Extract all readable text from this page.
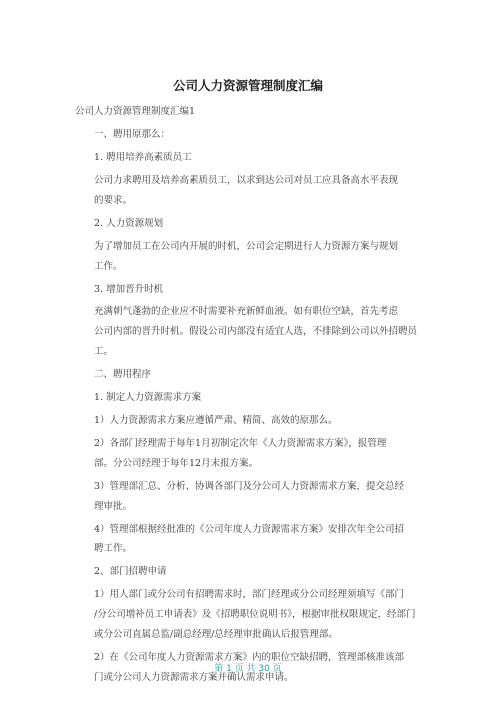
公司人力资源管理制度汇编

公司人力资源管理制度汇编1

一、聘用原那么：

1. 聘用培养高素质员工

公司力求聘用及培养高素质员工，以求到达公司对员工应具备高水平表现
的要求。

2. 人力资源规划

为了增加员工在公司内开展的时机，公司会定期进行人力资源方案与规划
工作。

3. 增加晋升时机

充满朝气蓬勃的企业应不时需要补充新鲜血液。如有职位空缺，首先考虑
公司内部的晋升时机。假设公司内部没有适宜人选，不排除到公司以外招聘员
工。

二、聘用程序

1. 制定人力资源需求方案

1）人力资源需求方案应遵循严肃、精简、高效的原那么。

2）各部门经理需于每年1月初制定次年《人力资源需求方案》，报管理
部。分公司经理于每年12月末报方案。

3）管理部汇总、分析、协调各部门及分公司人力资源需求方案，提交总经
理审批。

4）管理部根据经批准的《公司年度人力资源需求方案》安排次年全公司招
聘工作。

2、部门招聘申请

1）用人部门或分公司有招聘需求时，部门经理或分公司经理须填写《部门
/分公司增补员工申请表》及《招聘职位说明书》，根据审批权限规定，经部门
或分公司直属总监/副总经理/总经理审批确认后报管理部。

2）在《公司年度人力资源需求方案》内的职位空缺招聘，管理部核准该部
门或分公司人力资源需求方案并确认需求申请。

第 1 页 共 30 页
